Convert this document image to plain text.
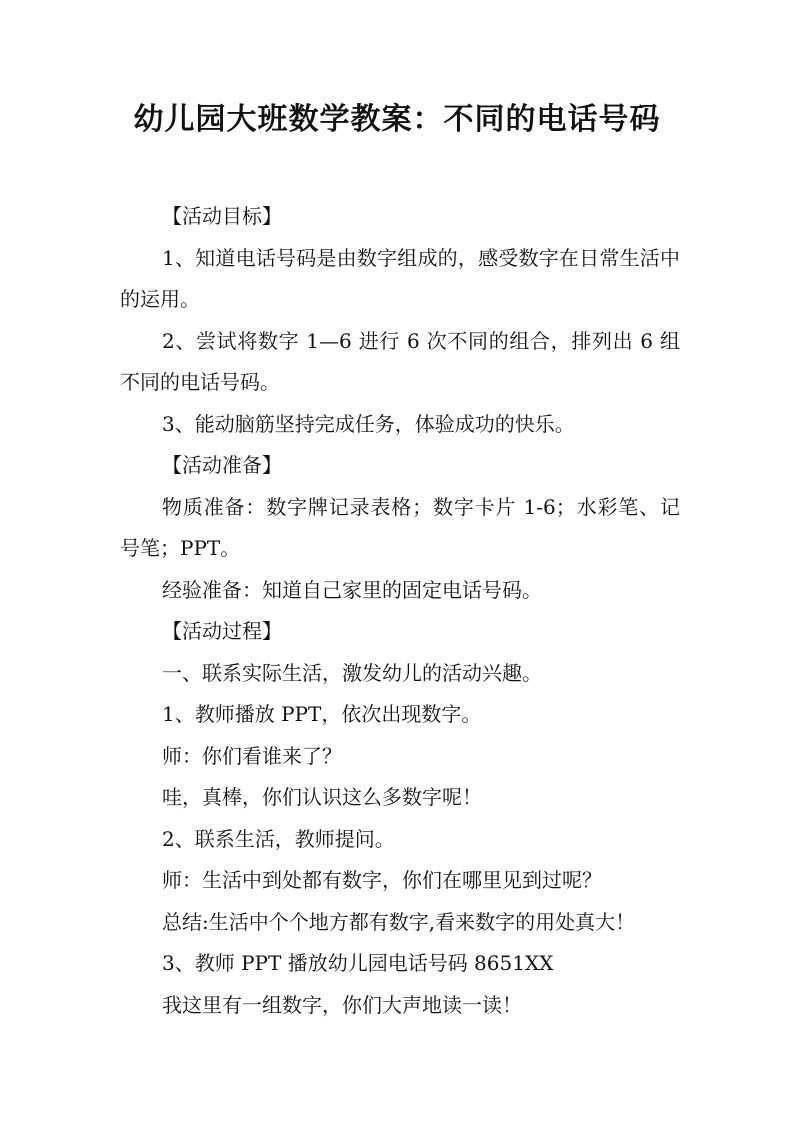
幼儿园大班数学教案：不同的电话号码

【活动目标】

1、知道电话号码是由数字组成的，感受数字在日常生活中的运用。

2、尝试将数字 1—6 进行 6 次不同的组合，排列出 6 组不同的电话号码。

3、能动脑筋坚持完成任务，体验成功的快乐。

【活动准备】

物质准备：数字牌记录表格；数字卡片 1-6；水彩笔、记号笔；PPT。

经验准备：知道自己家里的固定电话号码。

【活动过程】

一、联系实际生活，激发幼儿的活动兴趣。

1、教师播放 PPT，依次出现数字。

师：你们看谁来了？

哇，真棒，你们认识这么多数字呢！

2、联系生活，教师提问。

师：生活中到处都有数字，你们在哪里见到过呢？

总结:生活中个个地方都有数字,看来数字的用处真大！

3、教师 PPT 播放幼儿园电话号码 8651XX

我这里有一组数字，你们大声地读一读！
